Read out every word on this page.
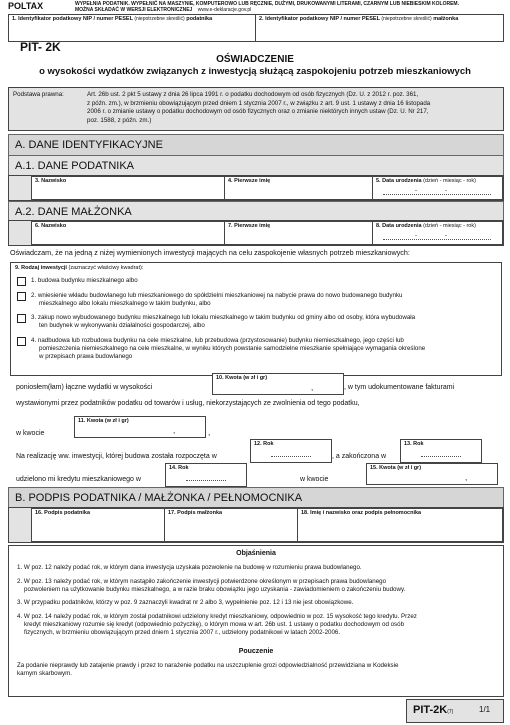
POLTAX	WYPEŁNIA PODATNIK. WYPEŁNIĆ NA MASZYNIE, KOMPUTEROWO LUB RĘCZNIE, DUŻYMI, DRUKOWANYMI LITERAMI, CZARNYM LUB NIEBIESKIM KOLOREM.
MOŻNA SKŁADAĆ W WERSJI ELEKTRONICZNEJ www.e-deklaracje.gov.pl
1. Identyfikator podatkowy NIP / numer PESEL (niepotrzebne skreślić) podatnika	2. Identyfikator podatkowy NIP / numer PESEL (niepotrzebne skreślić) małżonka
PIT- 2K
OŚWIADCZENIE
o wysokości wydatków związanych z inwestycją służącą zaspokojeniu potrzeb mieszkaniowych
Podstawa prawna:	Art. 26b ust. 2 pkt 5 ustawy z dnia 26 lipca 1991 r. o podatku dochodowym od osób fizycznych (Dz. U. z 2012 r. poz. 361,
z późn. zm.), w brzmieniu obowiązującym przed dniem 1 stycznia 2007 r., w związku z art. 9 ust. 1 ustawy z dnia 16 listopada
2006 r. o zmianie ustawy o podatku dochodowym od osób fizycznych oraz o zmianie niektórych innych ustaw (Dz. U. Nr 217,
poz. 1588, z późn. zm.)
A. DANE IDENTYFIKACYJNE
A.1. DANE PODATNIKA
3. Nazwisko	4. Pierwsze imię	5. Data urodzenia (dzień - miesiąc - rok)
-	-
A.2. DANE MAŁŻONKA
6. Nazwisko	7. Pierwsze imię	8. Data urodzenia (dzień - miesiąc - rok)
-	-
Oświadczam, że na jedną z niżej wymienionych inwestycji mających na celu zaspokojenie własnych potrzeb mieszkaniowych:
9. Rodzaj inwestycji (zaznaczyć właściwy kwadrat):
1. budowa budynku mieszkalnego albo
2. wniesienie wkładu budowlanego lub mieszkaniowego do spółdzielni mieszkaniowej na nabycie prawa do nowo budowanego budynku
mieszkalnego albo lokalu mieszkalnego w takim budynku, albo
3. zakup nowo wybudowanego budynku mieszkalnego lub lokalu mieszkalnego w takim budynku od gminy albo od osoby, która wybudowała
ten budynek w wykonywaniu działalności gospodarczej, albo
4. nadbudowa lub rozbudowa budynku na cele mieszkalne, lub przebudowa (przystosowanie) budynku niemieszkalnego, jego części lub
pomieszczenia niemieszkalnego na cele mieszkalne, w wyniku których powstanie samodzielne mieszkanie spełniające wymagania określone
w przepisach prawa budowlanego
poniosłem(łam) łączne wydatki w wysokości
10. Kwota (w zł i gr)
,	, w tym udokumentowane fakturami
wystawionymi przez podatników podatku od towarów i usług, niekorzystających ze zwolnienia od tego podatku,
w kwocie
11. Kwota (w zł i gr)
,	,
Na realizację ww. inwestycji, której budowa została rozpoczęta w
12. Rok
, a zakończona w
13. Rok
udzielono mi kredytu mieszkaniowego w
14. Rok
w kwocie
15. Kwota (w zł i gr)
,
B. PODPIS PODATNIKA / MAŁŻONKA / PEŁNOMOCNIKA
16. Podpis podatnika	17. Podpis małżonka	18. Imię i nazwisko oraz podpis pełnomocnika
Objaśnienia
1. W poz. 12 należy podać rok, w którym dana inwestycja uzyskała pozwolenie na budowę w rozumieniu prawa budowlanego.
2. W poz. 13 należy podać rok, w którym nastąpiło zakończenie inwestycji potwierdzone określonym w przepisach prawa budowlanego
pozwoleniem na użytkowanie budynku mieszkalnego, a w razie braku obowiązku jego uzyskania - zawiadomieniem o zakończeniu budowy.
3. W przypadku podatników, którzy w poz. 9 zaznaczyli kwadrat nr 2 albo 3, wypełnienie poz. 12 i 13 nie jest obowiązkowe.
4. W poz. 14 należy podać rok, w którym został podatnikowi udzielony kredyt mieszkaniowy, odpowiednio w poz. 15 wysokość tego kredytu. Przez
kredyt mieszkaniowy rozumie się kredyt (odpowiednio pożyczkę), o którym mowa w art. 26b ust. 1 ustawy o podatku dochodowym od osób
fizycznych, w brzmieniu obowiązującym przed dniem 1 stycznia 2007 r., udzielony podatnikowi w latach 2002-2006.
Pouczenie
Za podanie nieprawdy lub zatajenie prawdy i przez to narażenie podatku na uszczuplenie grozi odpowiedzialność przewidziana w Kodeksie
karnym skarbowym.
PIT-2K(7)	1/1
